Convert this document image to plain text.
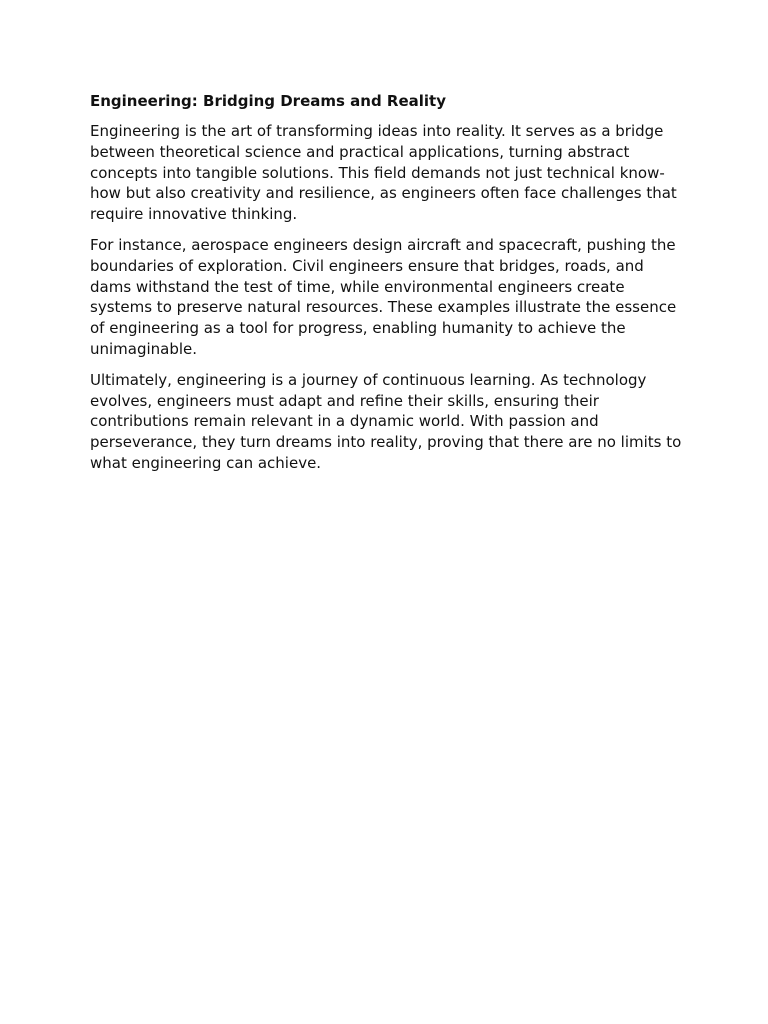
Engineering: Bridging Dreams and Reality

Engineering is the art of transforming ideas into reality. It serves as a bridge between theoretical science and practical applications, turning abstract concepts into tangible solutions. This field demands not just technical know-how but also creativity and resilience, as engineers often face challenges that require innovative thinking.

For instance, aerospace engineers design aircraft and spacecraft, pushing the boundaries of exploration. Civil engineers ensure that bridges, roads, and dams withstand the test of time, while environmental engineers create systems to preserve natural resources. These examples illustrate the essence of engineering as a tool for progress, enabling humanity to achieve the unimaginable.

Ultimately, engineering is a journey of continuous learning. As technology evolves, engineers must adapt and refine their skills, ensuring their contributions remain relevant in a dynamic world. With passion and perseverance, they turn dreams into reality, proving that there are no limits to what engineering can achieve.
